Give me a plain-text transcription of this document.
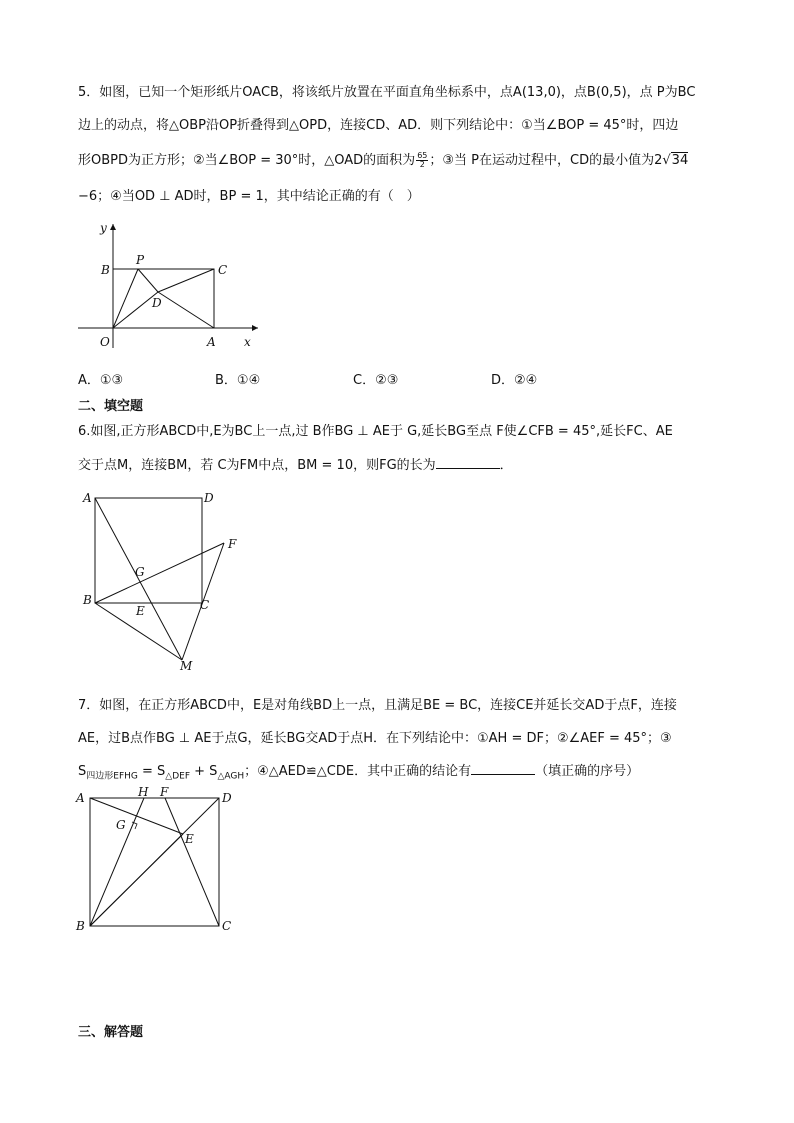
5．如图，已知一个矩形纸片OACB，将该纸片放置在平面直角坐标系中，点A(13,0)，点B(0,5)，点 P为BC
边上的动点，将△OBP沿OP折叠得到△OPD，连接CD、AD．则下列结论中：①当∠BOP = 45°时，四边
形OBPD为正方形；②当∠BOP = 30°时，△OAD的面积为 $\frac{65}{2}$ ；③当 P在运动过程中，CD的最小值为2√34
−6；④当OD ⊥ AD时，BP = 1，其中结论正确的有（　）
y
x
B
P
C
D
O	A
A．①③	B．①④	C．②③	D．②④
二、填空题
6.如图,正方形ABCD中,E为BC上一点,过 B作BG ⊥ AE于 G,延长BG至点 F使∠CFB = 45°,延长FC、AE
交于点M，连接BM，若 C为FM中点，BM = 10，则FG的长为	．
A	D
F
G
B
E	C
M
7．如图，在正方形ABCD中，E是对角线BD上一点，且满足BE = BC，连接CE并延长交AD于点F，连接
AE，过B点作BG ⊥ AE于点G，延长BG交AD于点H．在下列结论中：①AH = DF；②∠AEF = 45°；③
$S_{四边形EFHG} = S_{\triangle DEF} + S_{\triangle AGH}$；④△AED≌△CDE．其中正确的结论有	（填正确的序号）
A	H F	D
G
E
B	C
三、解答题
